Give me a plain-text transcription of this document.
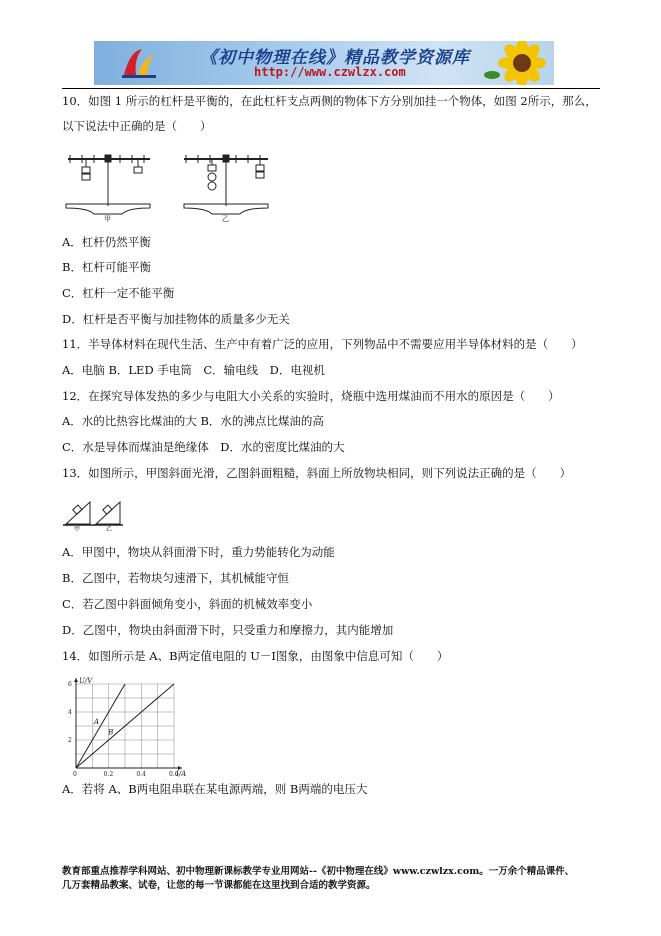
《初中物理在线》精品教学资源库
http://www.czwlzx.com
10．如图 1 所示的杠杆是平衡的，在此杠杆支点两侧的物体下方分别加挂一个物体，如图 2所示，那么，
以下说法中正确的是（　　）
甲	乙
A．杠杆仍然平衡
B．杠杆可能平衡
C．杠杆一定不能平衡
D．杠杆是否平衡与加挂物体的质量多少无关
11．半导体材料在现代生活、生产中有着广泛的应用，下列物品中不需要应用半导体材料的是（　　）
A．电脑 B．LED 手电筒　C．输电线　D．电视机
12．在探究导体发热的多少与电阻大小关系的实验时，烧瓶中选用煤油而不用水的原因是（　　）
A．水的比热容比煤油的大 B．水的沸点比煤油的高
C．水是导体而煤油是绝缘体　D．水的密度比煤油的大
13．如图所示，甲图斜面光滑，乙图斜面粗糙，斜面上所放物块相同，则下列说法正确的是（　　）
甲	乙
A．甲图中，物块从斜面滑下时，重力势能转化为动能
B．乙图中，若物块匀速滑下，其机械能守恒
C．若乙图中斜面倾角变小，斜面的机械效率变小
D．乙图中，物块由斜面滑下时，只受重力和摩擦力，其内能增加
14．如图所示是 A、B两定值电阻的 U－I图象，由图象中信息可知（　　）
0	0.2	0.4	0.6
2
4
6
A
B
U/V
I/A
A．若将 A、B两电阻串联在某电源两端，则 B两端的电压大
教育部重点推荐学科网站、初中物理新课标教学专业用网站--《初中物理在线》www.czwlzx.com。一万余个精品课件、
几万套精品教案、试卷，让您的每一节课都能在这里找到合适的教学资源。
